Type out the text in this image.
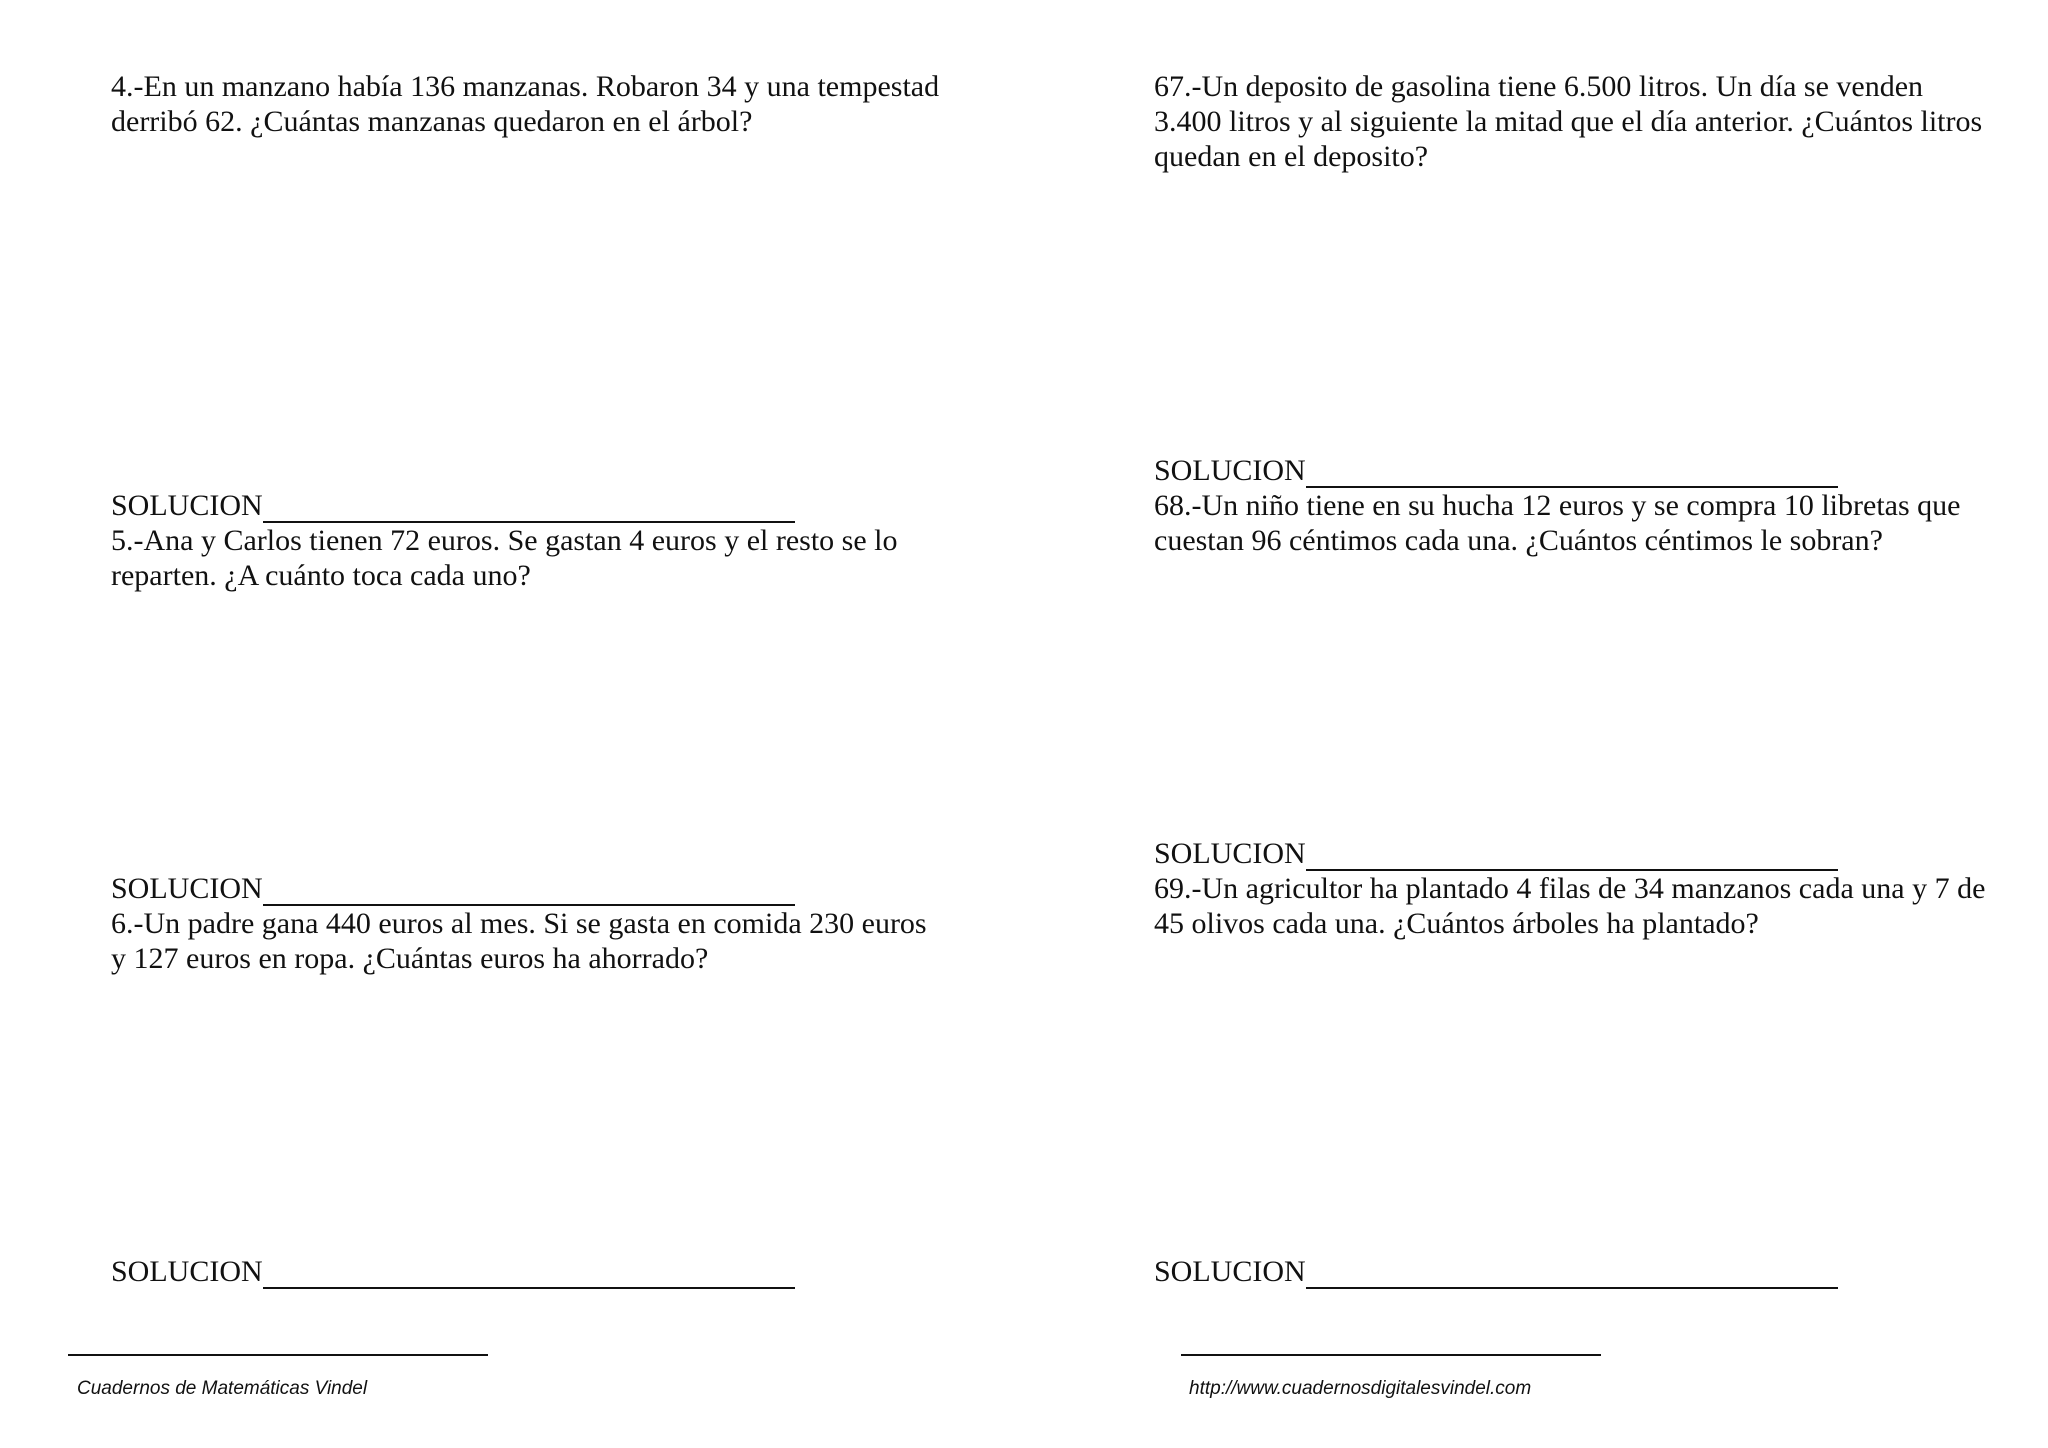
4.-En un manzano había 136 manzanas. Robaron 34 y una tempestad
derribó 62. ¿Cuántas manzanas quedaron en el árbol?
SOLUCION
5.-Ana y Carlos tienen 72 euros. Se gastan 4 euros y el resto se lo
reparten. ¿A cuánto toca cada uno?
SOLUCION
6.-Un padre gana 440 euros al mes. Si se gasta en comida 230 euros
y 127 euros en ropa. ¿Cuántas euros ha ahorrado?
SOLUCION
67.-Un deposito de gasolina tiene 6.500 litros. Un día se venden
3.400 litros y al siguiente la mitad que el día anterior. ¿Cuántos litros
quedan en el deposito?
SOLUCION
68.-Un niño tiene en su hucha 12 euros y se compra 10 libretas que
cuestan 96 céntimos cada una. ¿Cuántos céntimos le sobran?
SOLUCION
69.-Un agricultor ha plantado 4 filas de 34 manzanos cada una y 7 de
45 olivos cada una. ¿Cuántos árboles ha plantado?
SOLUCION
Cuadernos de Matemáticas Vindel	http://www.cuadernosdigitalesvindel.com
